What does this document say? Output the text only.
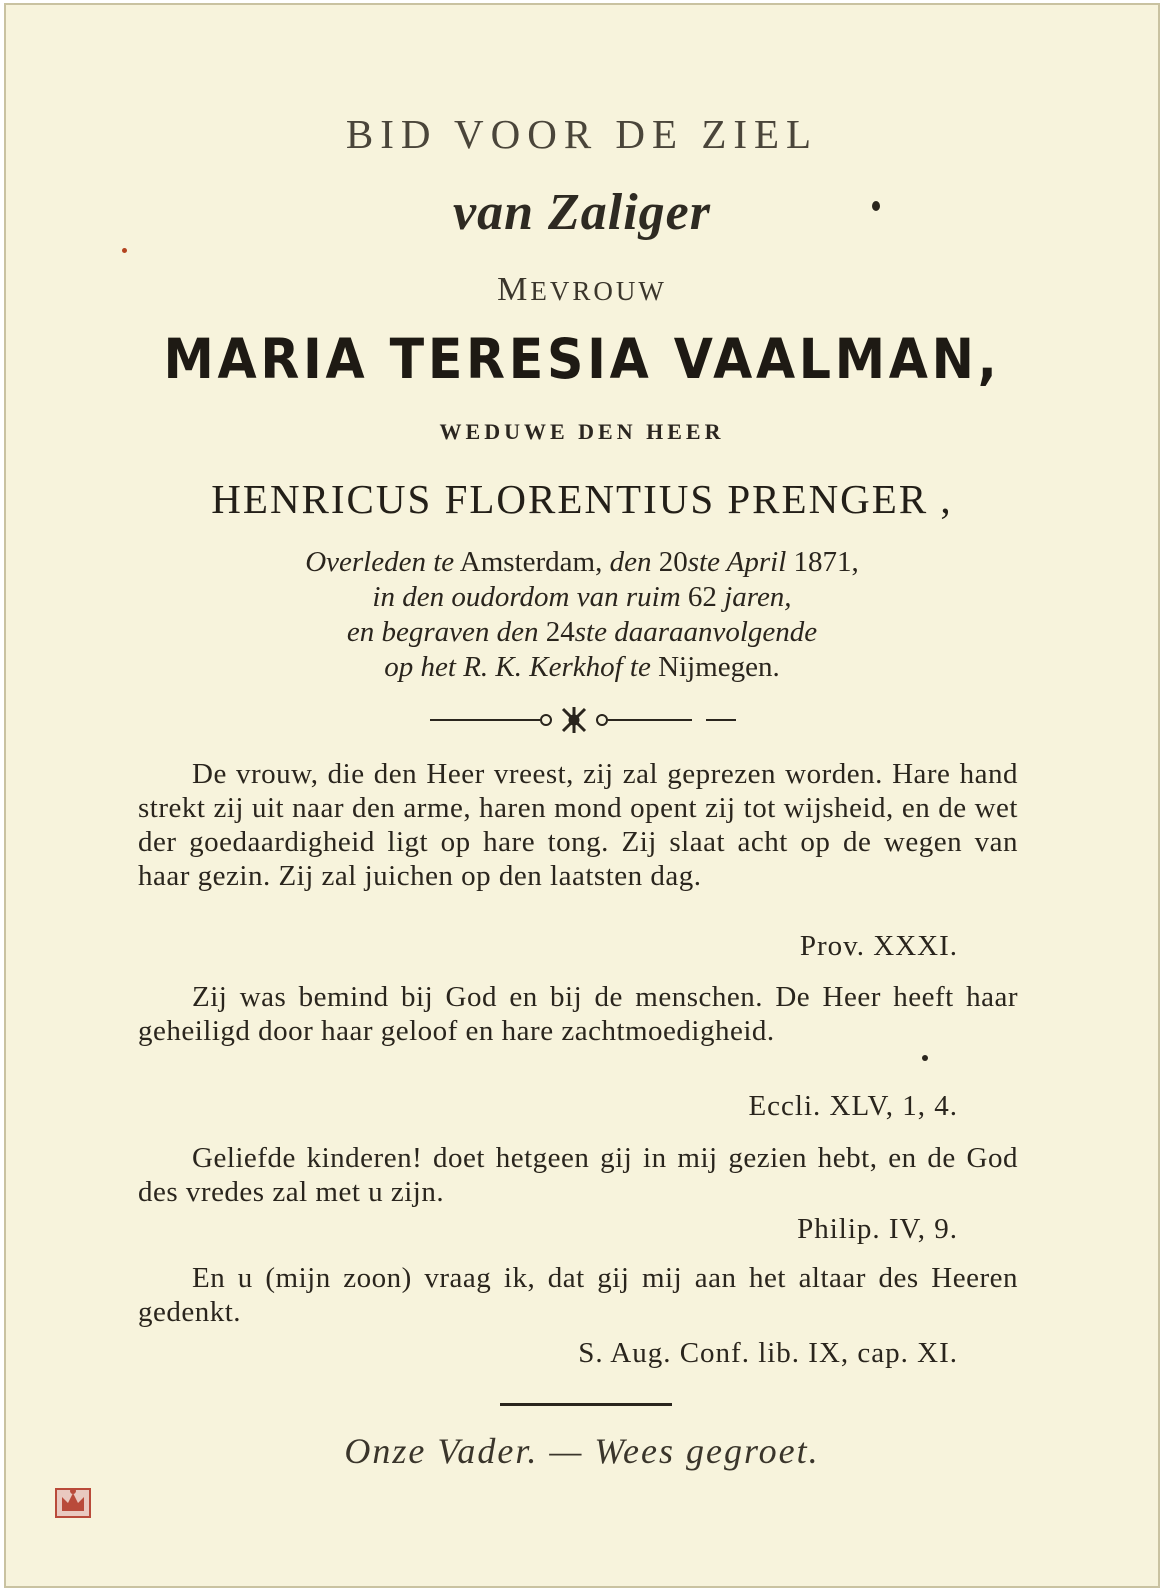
BID VOOR DE ZIEL
van Zaliger
MEVROUW
MARIA TERESIA VAALMAN,
WEDUWE DEN HEER
HENRICUS FLORENTIUS PRENGER ,
Overleden te Amsterdam, den 20ste April 1871,
in den oudordom van ruim 62 jaren,
en begraven den 24ste daaraanvolgende
op het R. K. Kerkhof te Nijmegen.
De vrouw, die den Heer vreest, zij zal geprezen worden. Hare hand strekt zij uit naar den arme, haren mond opent zij tot wijsheid, en de wet der goedaardigheid ligt op hare tong. Zij slaat acht op de wegen van haar gezin. Zij zal juichen op den laatsten dag.
Prov. XXXI.
Zij was bemind bij God en bij de menschen. De Heer heeft haar geheiligd door haar geloof en hare zachtmoedigheid.
Eccli. XLV, 1, 4.
Geliefde kinderen! doet hetgeen gij in mij gezien hebt, en de God des vredes zal met u zijn.
Philip. IV, 9.
En u (mijn zoon) vraag ik, dat gij mij aan het altaar des Heeren gedenkt.
S. Aug. Conf. lib. IX, cap. XI.
Onze Vader. — Wees gegroet.
